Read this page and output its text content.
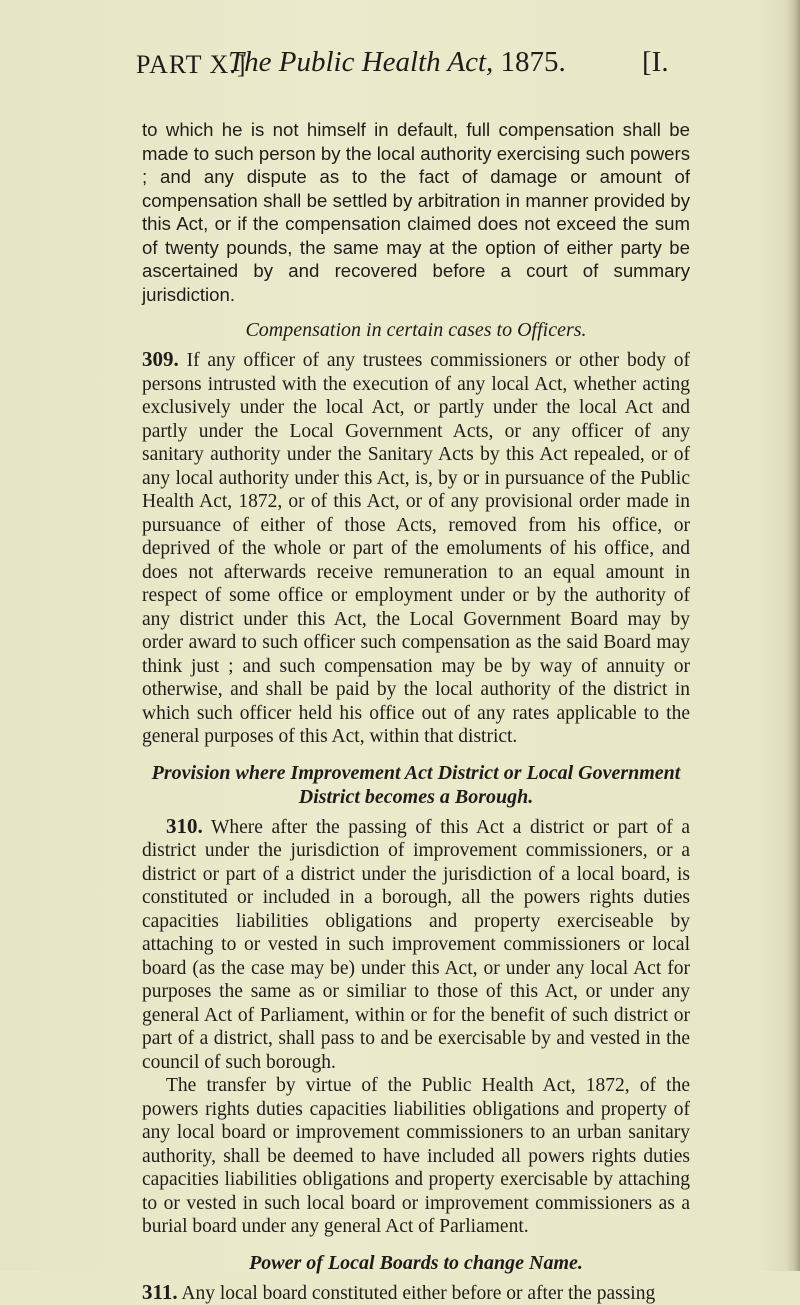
PART X.]
The Public Health Act, 1875.	[I.

to which he is not himself in default, full compensation shall be made to such person by the local authority exercising such powers ; and any dispute as to the fact of damage or amount of compensation shall be settled by arbitration in manner provided by this Act, or if the compensation claimed does not exceed the sum of twenty pounds, the same may at the option of either party be ascertained by and recovered before a court of summary jurisdiction.

Compensation in certain cases to Officers.

309. If any officer of any trustees commissioners or other body of persons intrusted with the execution of any local Act, whether acting exclusively under the local Act, or partly under the local Act and partly under the Local Government Acts, or any officer of any sanitary authority under the Sanitary Acts by this Act repealed, or of any local authority under this Act, is, by or in pursuance of the Public Health Act, 1872, or of this Act, or of any provisional order made in pursuance of either of those Acts, removed from his office, or deprived of the whole or part of the emoluments of his office, and does not afterwards receive remuneration to an equal amount in respect of some office or employment under or by the authority of any district under this Act, the Local Government Board may by order award to such officer such compensation as the said Board may think just ; and such compensation may be by way of annuity or otherwise, and shall be paid by the local authority of the district in which such officer held his office out of any rates applicable to the general purposes of this Act, within that district.

Provision where Improvement Act District or Local Government District becomes a Borough.

310. Where after the passing of this Act a district or part of a district under the jurisdiction of improvement commissioners, or a district or part of a district under the jurisdiction of a local board, is constituted or included in a borough, all the powers rights duties capacities liabilities obligations and property exerciseable by attaching to or vested in such improvement commissioners or local board (as the case may be) under this Act, or under any local Act for purposes the same as or similiar to those of this Act, or under any general Act of Parliament, within or for the benefit of such district or part of a district, shall pass to and be exercisable by and vested in the council of such borough.

The transfer by virtue of the Public Health Act, 1872, of the powers rights duties capacities liabilities obligations and property of any local board or improvement commissioners to an urban sanitary authority, shall be deemed to have included all powers rights duties capacities liabilities obligations and property exercisable by attaching to or vested in such local board or improvement commissioners as a burial board under any general Act of Parliament.

Power of Local Boards to change Name.

311. Any local board constituted either before or after the passing
